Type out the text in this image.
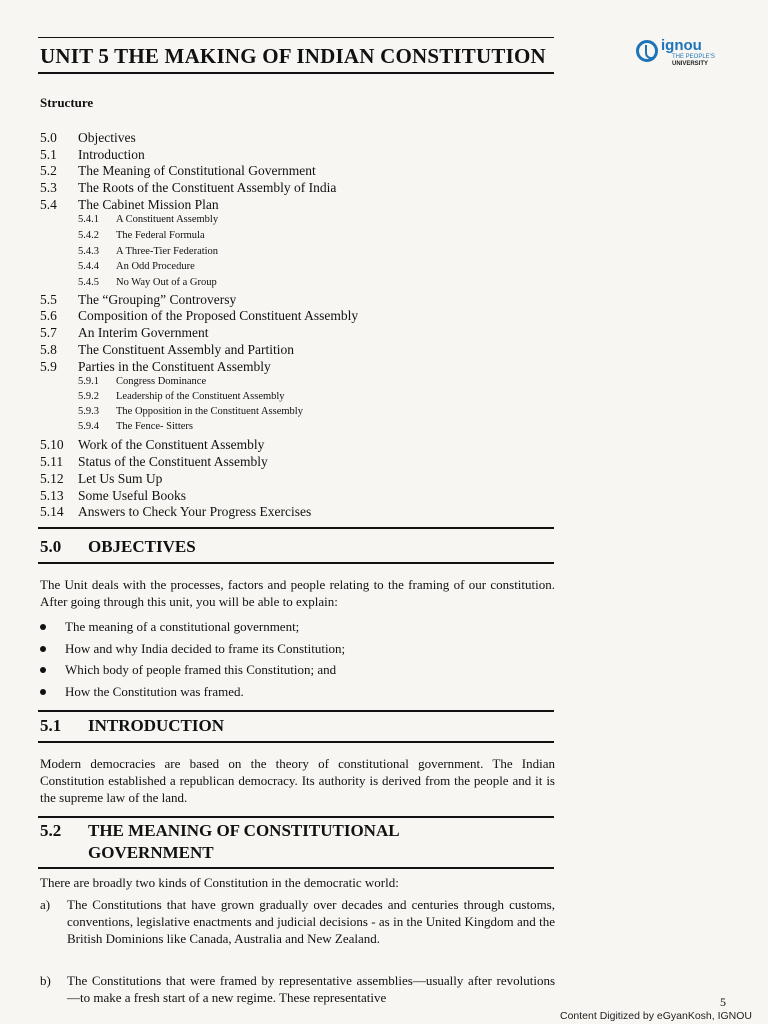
UNIT 5 THE MAKING OF INDIAN CONSTITUTION	ignou
THE PEOPLE'S
UNIVERSITY
Structure
5.0 Objectives
5.1 Introduction
5.2 The Meaning of Constitutional Government
5.3 The Roots of the Constituent Assembly of India
5.4 The Cabinet Mission Plan
5.4.1 A Constituent Assembly
5.4.2 The Federal Formula
5.4.3 A Three-Tier Federation
5.4.4 An Odd Procedure
5.4.5 No Way Out of a Group
5.5 The “Grouping” Controversy
5.6 Composition of the Proposed Constituent Assembly
5.7 An Interim Government
5.8 The Constituent Assembly and Partition
5.9 Parties in the Constituent Assembly
5.9.1 Congress Dominance
5.9.2 Leadership of the Constituent Assembly
5.9.3 The Opposition in the Constituent Assembly
5.9.4 The Fence- Sitters
5.10 Work of the Constituent Assembly
5.11 Status of the Constituent Assembly
5.12 Let Us Sum Up
5.13 Some Useful Books
5.14 Answers to Check Your Progress Exercises
5.0 OBJECTIVES
The Unit deals with the processes, factors and people relating to the framing of our constitution. After going through this unit, you will be able to explain:
The meaning of a constitutional government;
How and why India decided to frame its Constitution;
Which body of people framed this Constitution; and
How the Constitution was framed.
5.1 INTRODUCTION
Modern democracies are based on the theory of constitutional government. The Indian Constitution established a republican democracy. Its authority is derived from the people and it is the supreme law of the land.
5.2 THE MEANING OF CONSTITUTIONAL
GOVERNMENT
There are broadly two kinds of Constitution in the democratic world:
a) The Constitutions that have grown gradually over decades and centuries through customs, conventions, legislative enactments and judicial decisions - as in the United Kingdom and the British Dominions like Canada, Australia and New Zealand.
b) The Constitutions that were framed by representative assemblies—usually after revolutions—to make a fresh start of a new regime. These representative	5
Content Digitized by eGyanKosh, IGNOU
